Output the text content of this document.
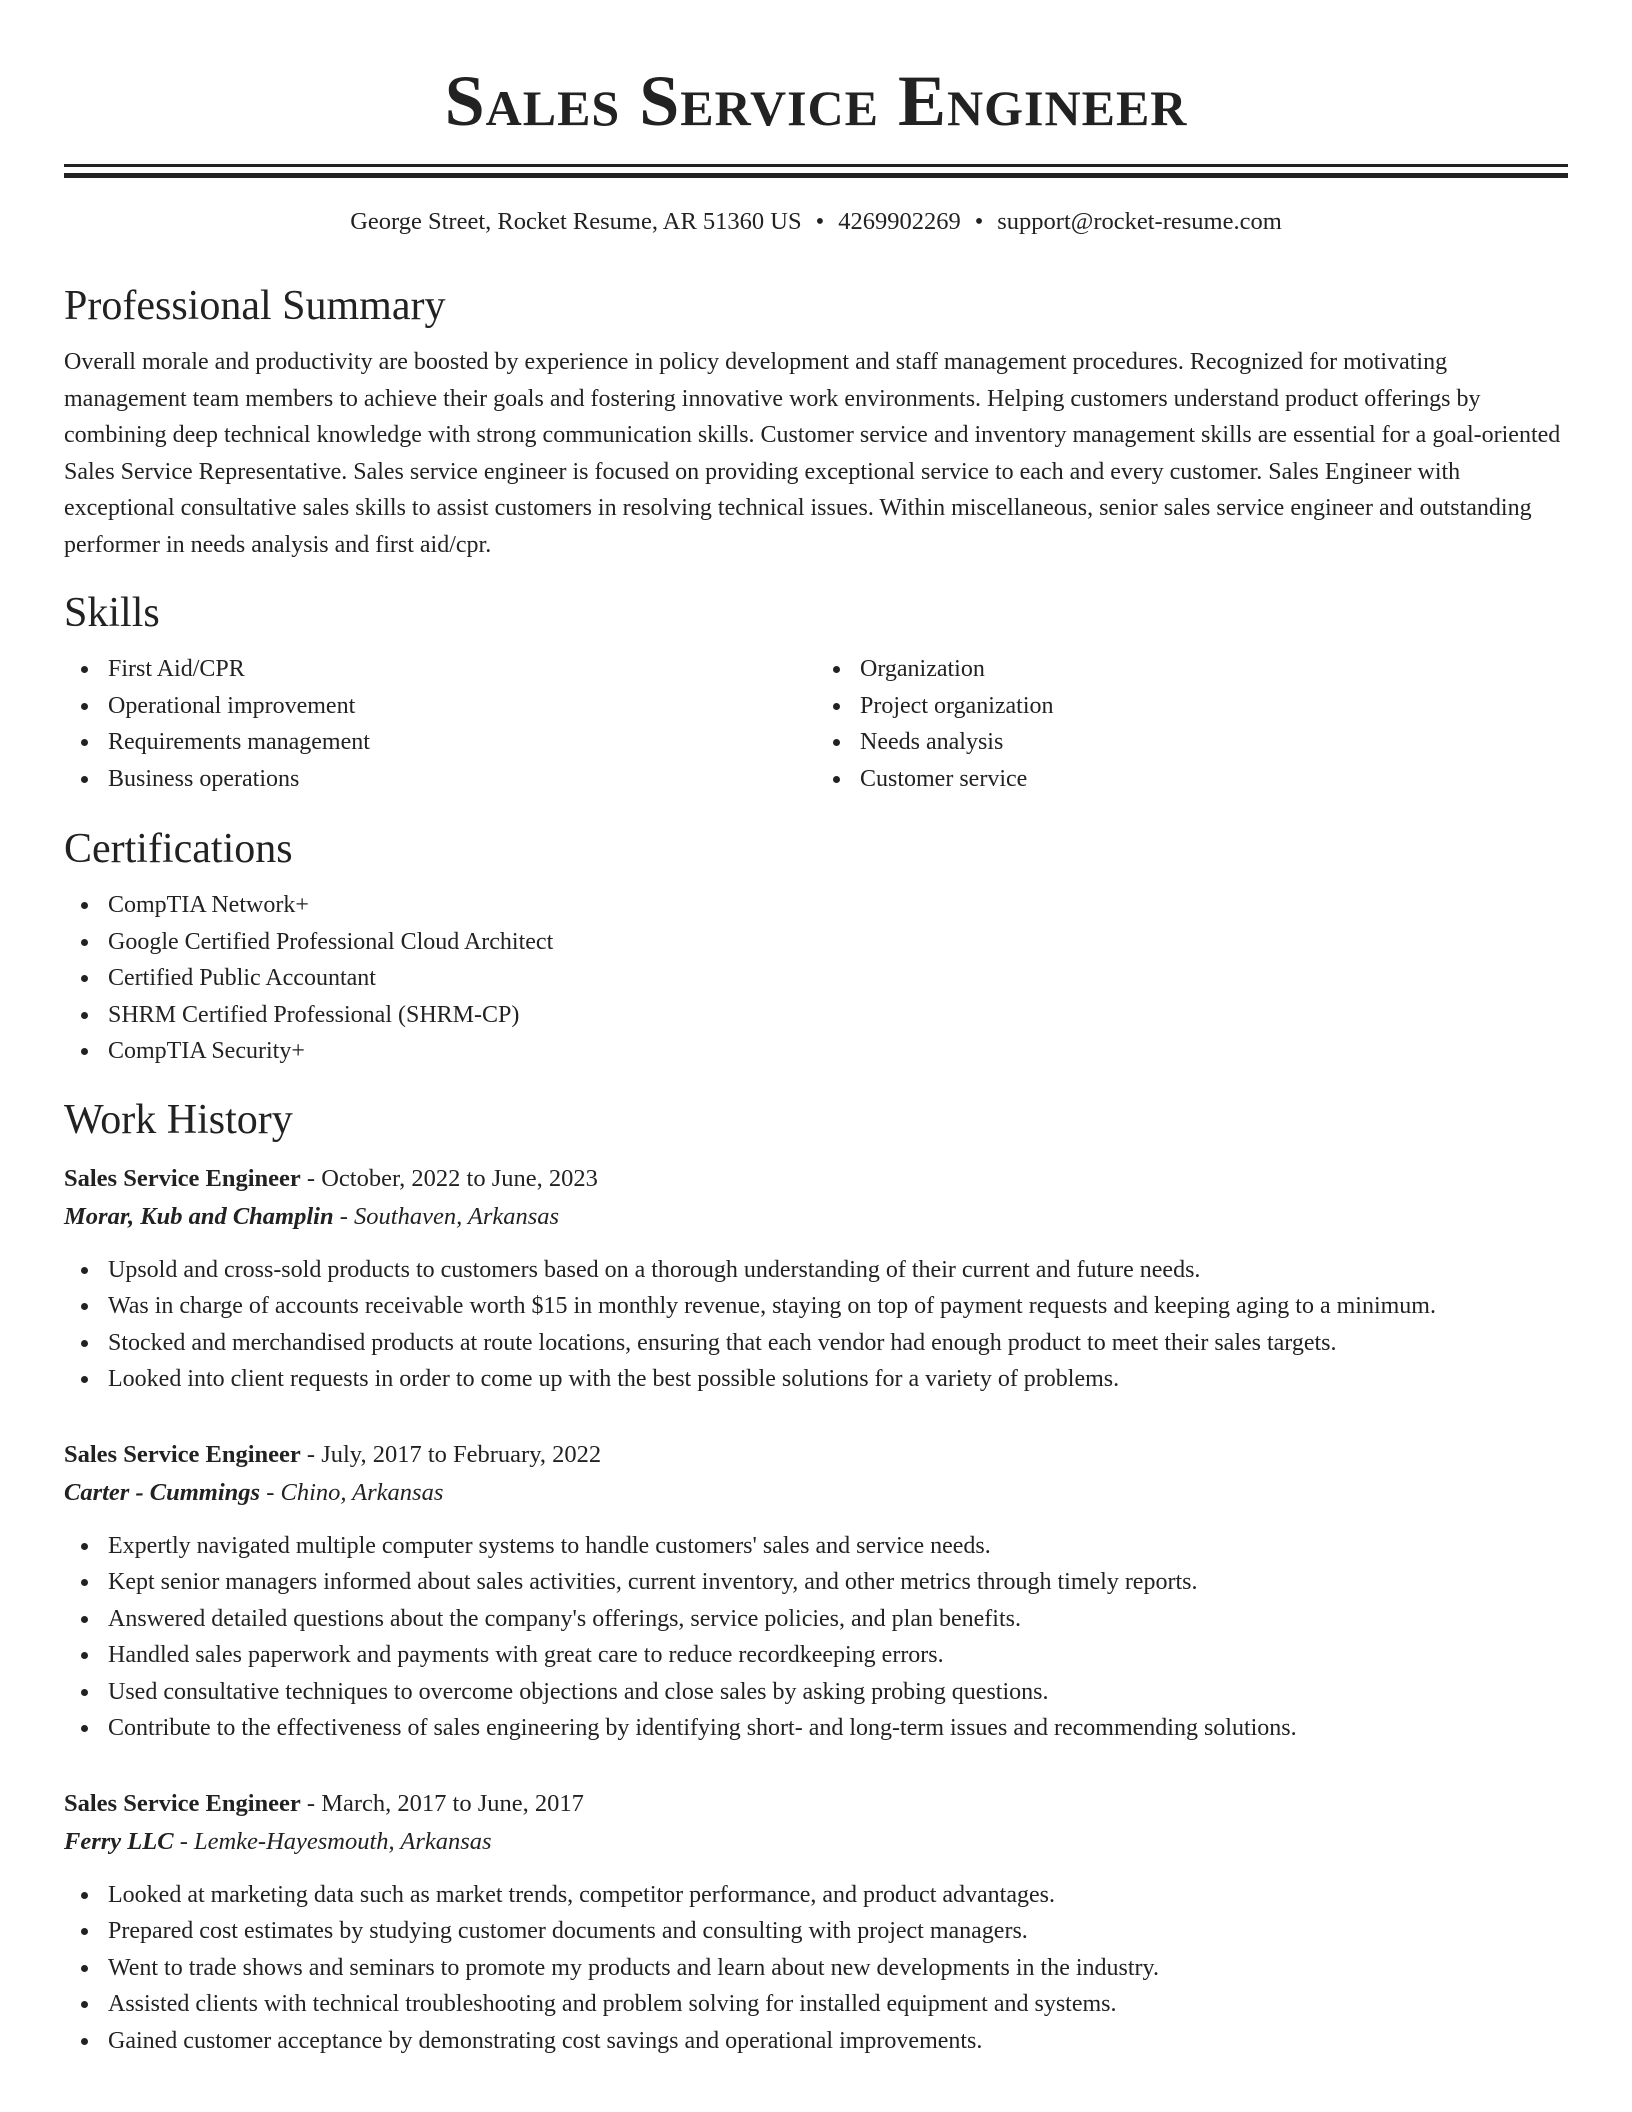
Sales Service Engineer
George Street, Rocket Resume, AR 51360 US • 4269902269 • support@rocket-resume.com
Professional Summary

Overall morale and productivity are boosted by experience in policy development and staff management procedures. Recognized for motivating management team members to achieve their goals and fostering innovative work environments. Helping customers understand product offerings by combining deep technical knowledge with strong communication skills. Customer service and inventory management skills are essential for a goal-oriented Sales Service Representative. Sales service engineer is focused on providing exceptional service to each and every customer. Sales Engineer with exceptional consultative sales skills to assist customers in resolving technical issues. Within miscellaneous, senior sales service engineer and outstanding performer in needs analysis and first aid/cpr.

Skills
First Aid/CPR
Operational improvement
Requirements management
Business operations
Organization
Project organization
Needs analysis
Customer service
Certifications
CompTIA Network+
Google Certified Professional Cloud Architect
Certified Public Accountant
SHRM Certified Professional (SHRM-CP)
CompTIA Security+
Work History
Sales Service Engineer - October, 2022 to June, 2023
Morar, Kub and Champlin - Southaven, Arkansas
Upsold and cross-sold products to customers based on a thorough understanding of their current and future needs.
Was in charge of accounts receivable worth $15 in monthly revenue, staying on top of payment requests and keeping aging to a minimum.
Stocked and merchandised products at route locations, ensuring that each vendor had enough product to meet their sales targets.
Looked into client requests in order to come up with the best possible solutions for a variety of problems.
Sales Service Engineer - July, 2017 to February, 2022
Carter - Cummings - Chino, Arkansas
Expertly navigated multiple computer systems to handle customers' sales and service needs.
Kept senior managers informed about sales activities, current inventory, and other metrics through timely reports.
Answered detailed questions about the company's offerings, service policies, and plan benefits.
Handled sales paperwork and payments with great care to reduce recordkeeping errors.
Used consultative techniques to overcome objections and close sales by asking probing questions.
Contribute to the effectiveness of sales engineering by identifying short- and long-term issues and recommending solutions.
Sales Service Engineer - March, 2017 to June, 2017
Ferry LLC - Lemke-Hayesmouth, Arkansas
Looked at marketing data such as market trends, competitor performance, and product advantages.
Prepared cost estimates by studying customer documents and consulting with project managers.
Went to trade shows and seminars to promote my products and learn about new developments in the industry.
Assisted clients with technical troubleshooting and problem solving for installed equipment and systems.
Gained customer acceptance by demonstrating cost savings and operational improvements.
